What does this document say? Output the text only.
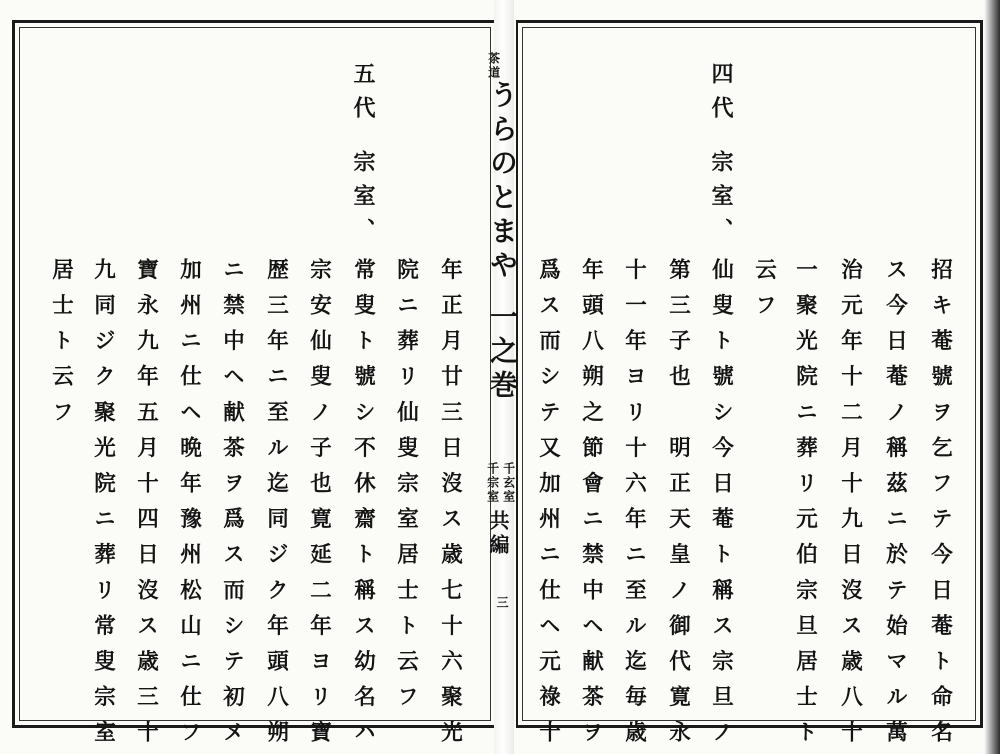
四代
宗室、
招キ菴號ヲ乞フテ今日菴ト命名
ス今日菴ノ稱茲ニ於テ始マル萬
治元年十二月十九日沒ス歳八十
一聚光院ニ葬リ元伯宗旦居士ト
云フ
仙叟ト號シ今日菴ト稱ス宗旦ノ
第三子也　明正天皇ノ御代寛永
十一年ヨリ十六年ニ至ル迄毎歳
年頭八朔之節會ニ禁中ヘ献茶ヲ
爲ス而シテ又加州ニ仕ヘ元祿十
茶道
うらのとまや
一之巻
千玄室
千宗室
共編
三
五代
宗室、
年正月廿三日沒ス歳七十六聚光
院ニ葬リ仙叟宗室居士ト云フ
常叟ト號シ不休齋ト稱ス幼名ハ
宗安仙叟ノ子也寛延二年ヨリ寶
歴三年ニ至ル迄同ジク年頭八朔
ニ禁中ヘ献茶ヲ爲ス而シテ初メ
加州ニ仕ヘ晩年豫州松山ニ仕フ
寶永九年五月十四日沒ス歳三十
九同ジク聚光院ニ葬リ常叟宗室
居士ト云フ
